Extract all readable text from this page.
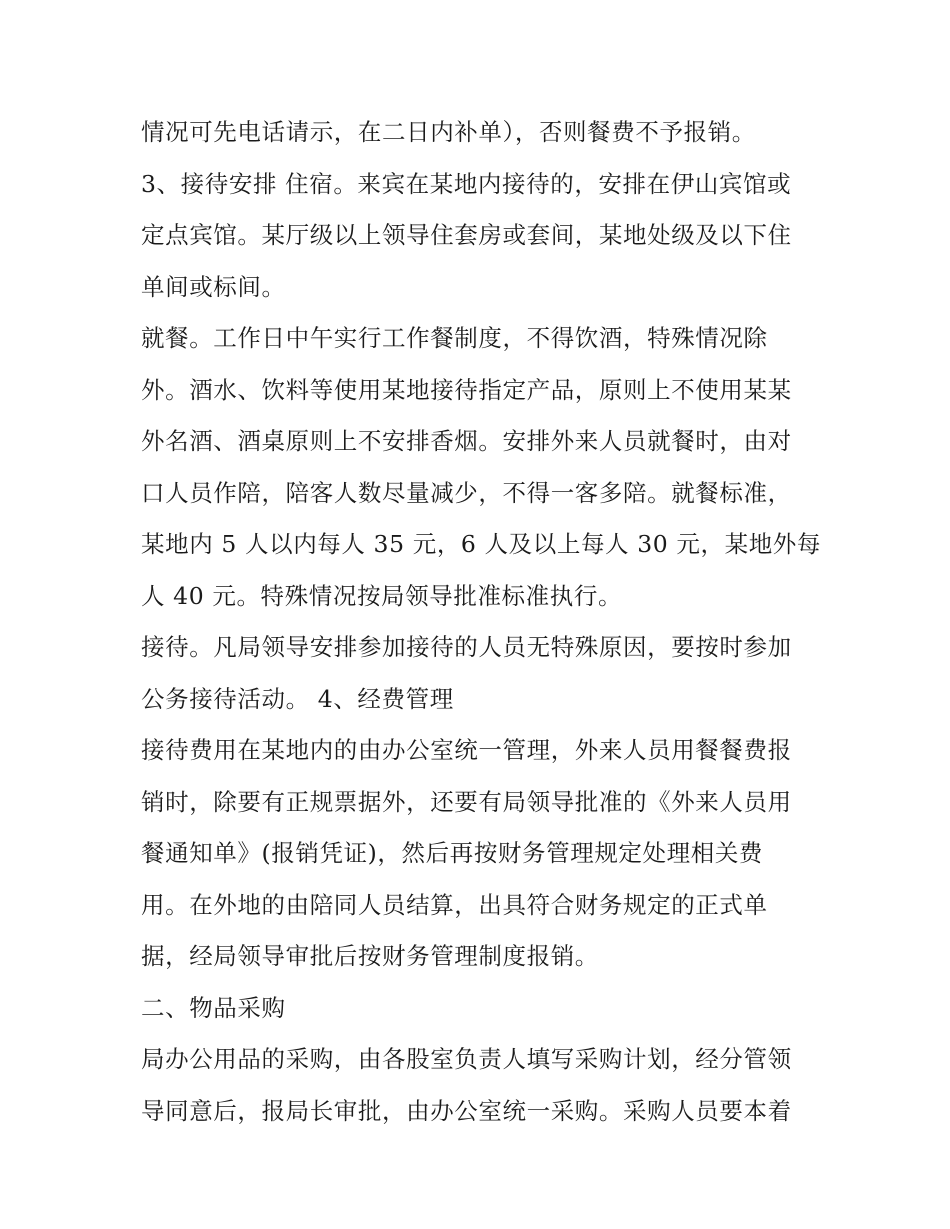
情况可先电话请示，在二日内补单），否则餐费不予报销。
3、接待安排 住宿。来宾在某地内接待的，安排在伊山宾馆或
定点宾馆。某厅级以上领导住套房或套间，某地处级及以下住
单间或标间。
就餐。工作日中午实行工作餐制度，不得饮酒，特殊情况除
外。酒水、饮料等使用某地接待指定产品，原则上不使用某某
外名酒、酒桌原则上不安排香烟。安排外来人员就餐时，由对
口人员作陪，陪客人数尽量减少，不得一客多陪。就餐标准，
某地内 5 人以内每人 35 元，6 人及以上每人 30 元，某地外每
人 40 元。特殊情况按局领导批准标准执行。
接待。凡局领导安排参加接待的人员无特殊原因，要按时参加
公务接待活动。 4、经费管理
接待费用在某地内的由办公室统一管理，外来人员用餐餐费报
销时，除要有正规票据外，还要有局领导批准的《外来人员用
餐通知单》(报销凭证)，然后再按财务管理规定处理相关费
用。在外地的由陪同人员结算，出具符合财务规定的正式单
据，经局领导审批后按财务管理制度报销。
二、物品采购
局办公用品的采购，由各股室负责人填写采购计划，经分管领
导同意后，报局长审批，由办公室统一采购。采购人员要本着
